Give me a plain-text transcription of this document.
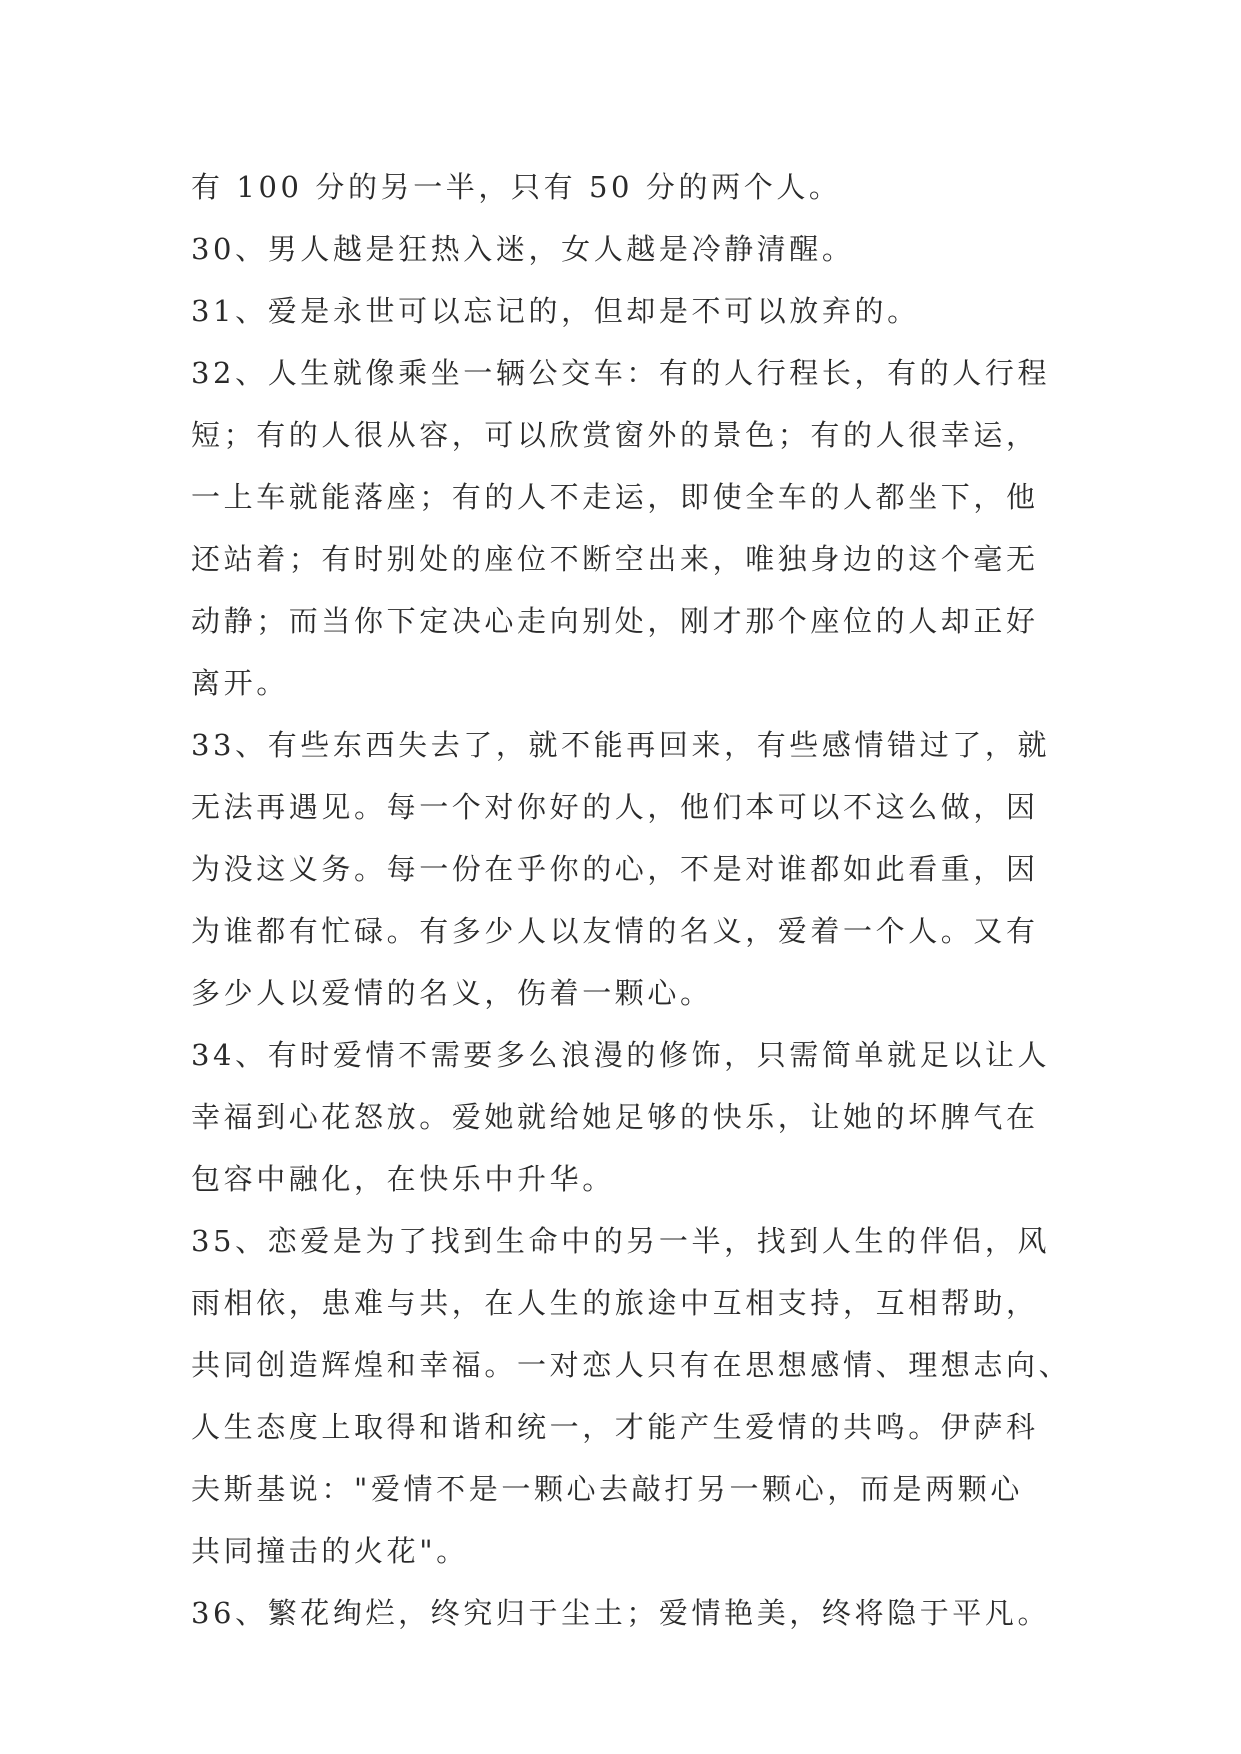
有 100 分的另一半，只有 50 分的两个人。
30、男人越是狂热入迷，女人越是冷静清醒。
31、爱是永世可以忘记的，但却是不可以放弃的。
32、人生就像乘坐一辆公交车：有的人行程长，有的人行程
短；有的人很从容，可以欣赏窗外的景色；有的人很幸运，
一上车就能落座；有的人不走运，即使全车的人都坐下，他
还站着；有时别处的座位不断空出来，唯独身边的这个毫无
动静；而当你下定决心走向别处，刚才那个座位的人却正好
离开。
33、有些东西失去了，就不能再回来，有些感情错过了，就
无法再遇见。每一个对你好的人，他们本可以不这么做，因
为没这义务。每一份在乎你的心，不是对谁都如此看重，因
为谁都有忙碌。有多少人以友情的名义，爱着一个人。又有
多少人以爱情的名义，伤着一颗心。
34、有时爱情不需要多么浪漫的修饰，只需简单就足以让人
幸福到心花怒放。爱她就给她足够的快乐，让她的坏脾气在
包容中融化，在快乐中升华。
35、恋爱是为了找到生命中的另一半，找到人生的伴侣，风
雨相依，患难与共，在人生的旅途中互相支持，互相帮助，
共同创造辉煌和幸福。一对恋人只有在思想感情、理想志向、
人生态度上取得和谐和统一，才能产生爱情的共鸣。伊萨科
夫斯基说："爱情不是一颗心去敲打另一颗心，而是两颗心
共同撞击的火花"。
36、繁花绚烂，终究归于尘土；爱情艳美，终将隐于平凡。
